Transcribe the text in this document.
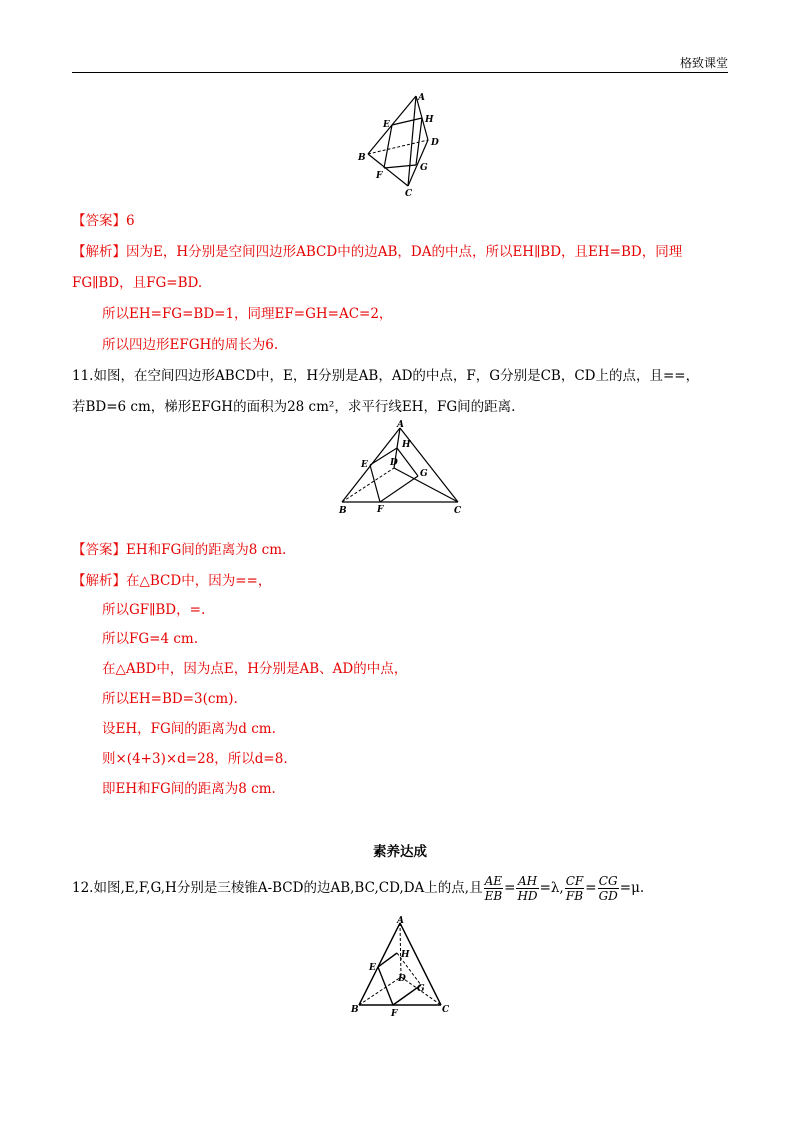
格致课堂
A
E	H
B
D
F
G
C
【答案】6
【解析】因为E，H分别是空间四边形ABCD中的边AB，DA的中点，所以EH∥BD，且EH=BD，同理
FG∥BD，且FG=BD.
所以EH=FG=BD=1，同理EF=GH=AC=2，
所以四边形EFGH的周长为6.
11.如图，在空间四边形ABCD中，E，H分别是AB，AD的中点，F，G分别是CB，CD上的点，且==，
若BD=6 cm，梯形EFGH的面积为28 cm²，求平行线EH，FG间的距离.
A
H
E D
G
B	F	C
【答案】EH和FG间的距离为8 cm.
【解析】在△BCD中，因为==，
所以GF∥BD，=.
所以FG=4 cm.
在△ABD中，因为点E，H分别是AB、AD的中点，
所以EH=BD=3(cm).
设EH，FG间的距离为d cm.
则×(4+3)×d=28，所以d=8.
即EH和FG间的距离为8 cm.
素养达成
12.如图,E,F,G,H分别是三棱锥A-BCD的边AB,BC,CD,DA上的点,且 $\frac{AE}{EB} = \frac{AH}{HD} =\lambda$, $\frac{CF}{FB} = \frac{CG}{GD} =\mu$.
A
H
E
D
G
B	F	C
